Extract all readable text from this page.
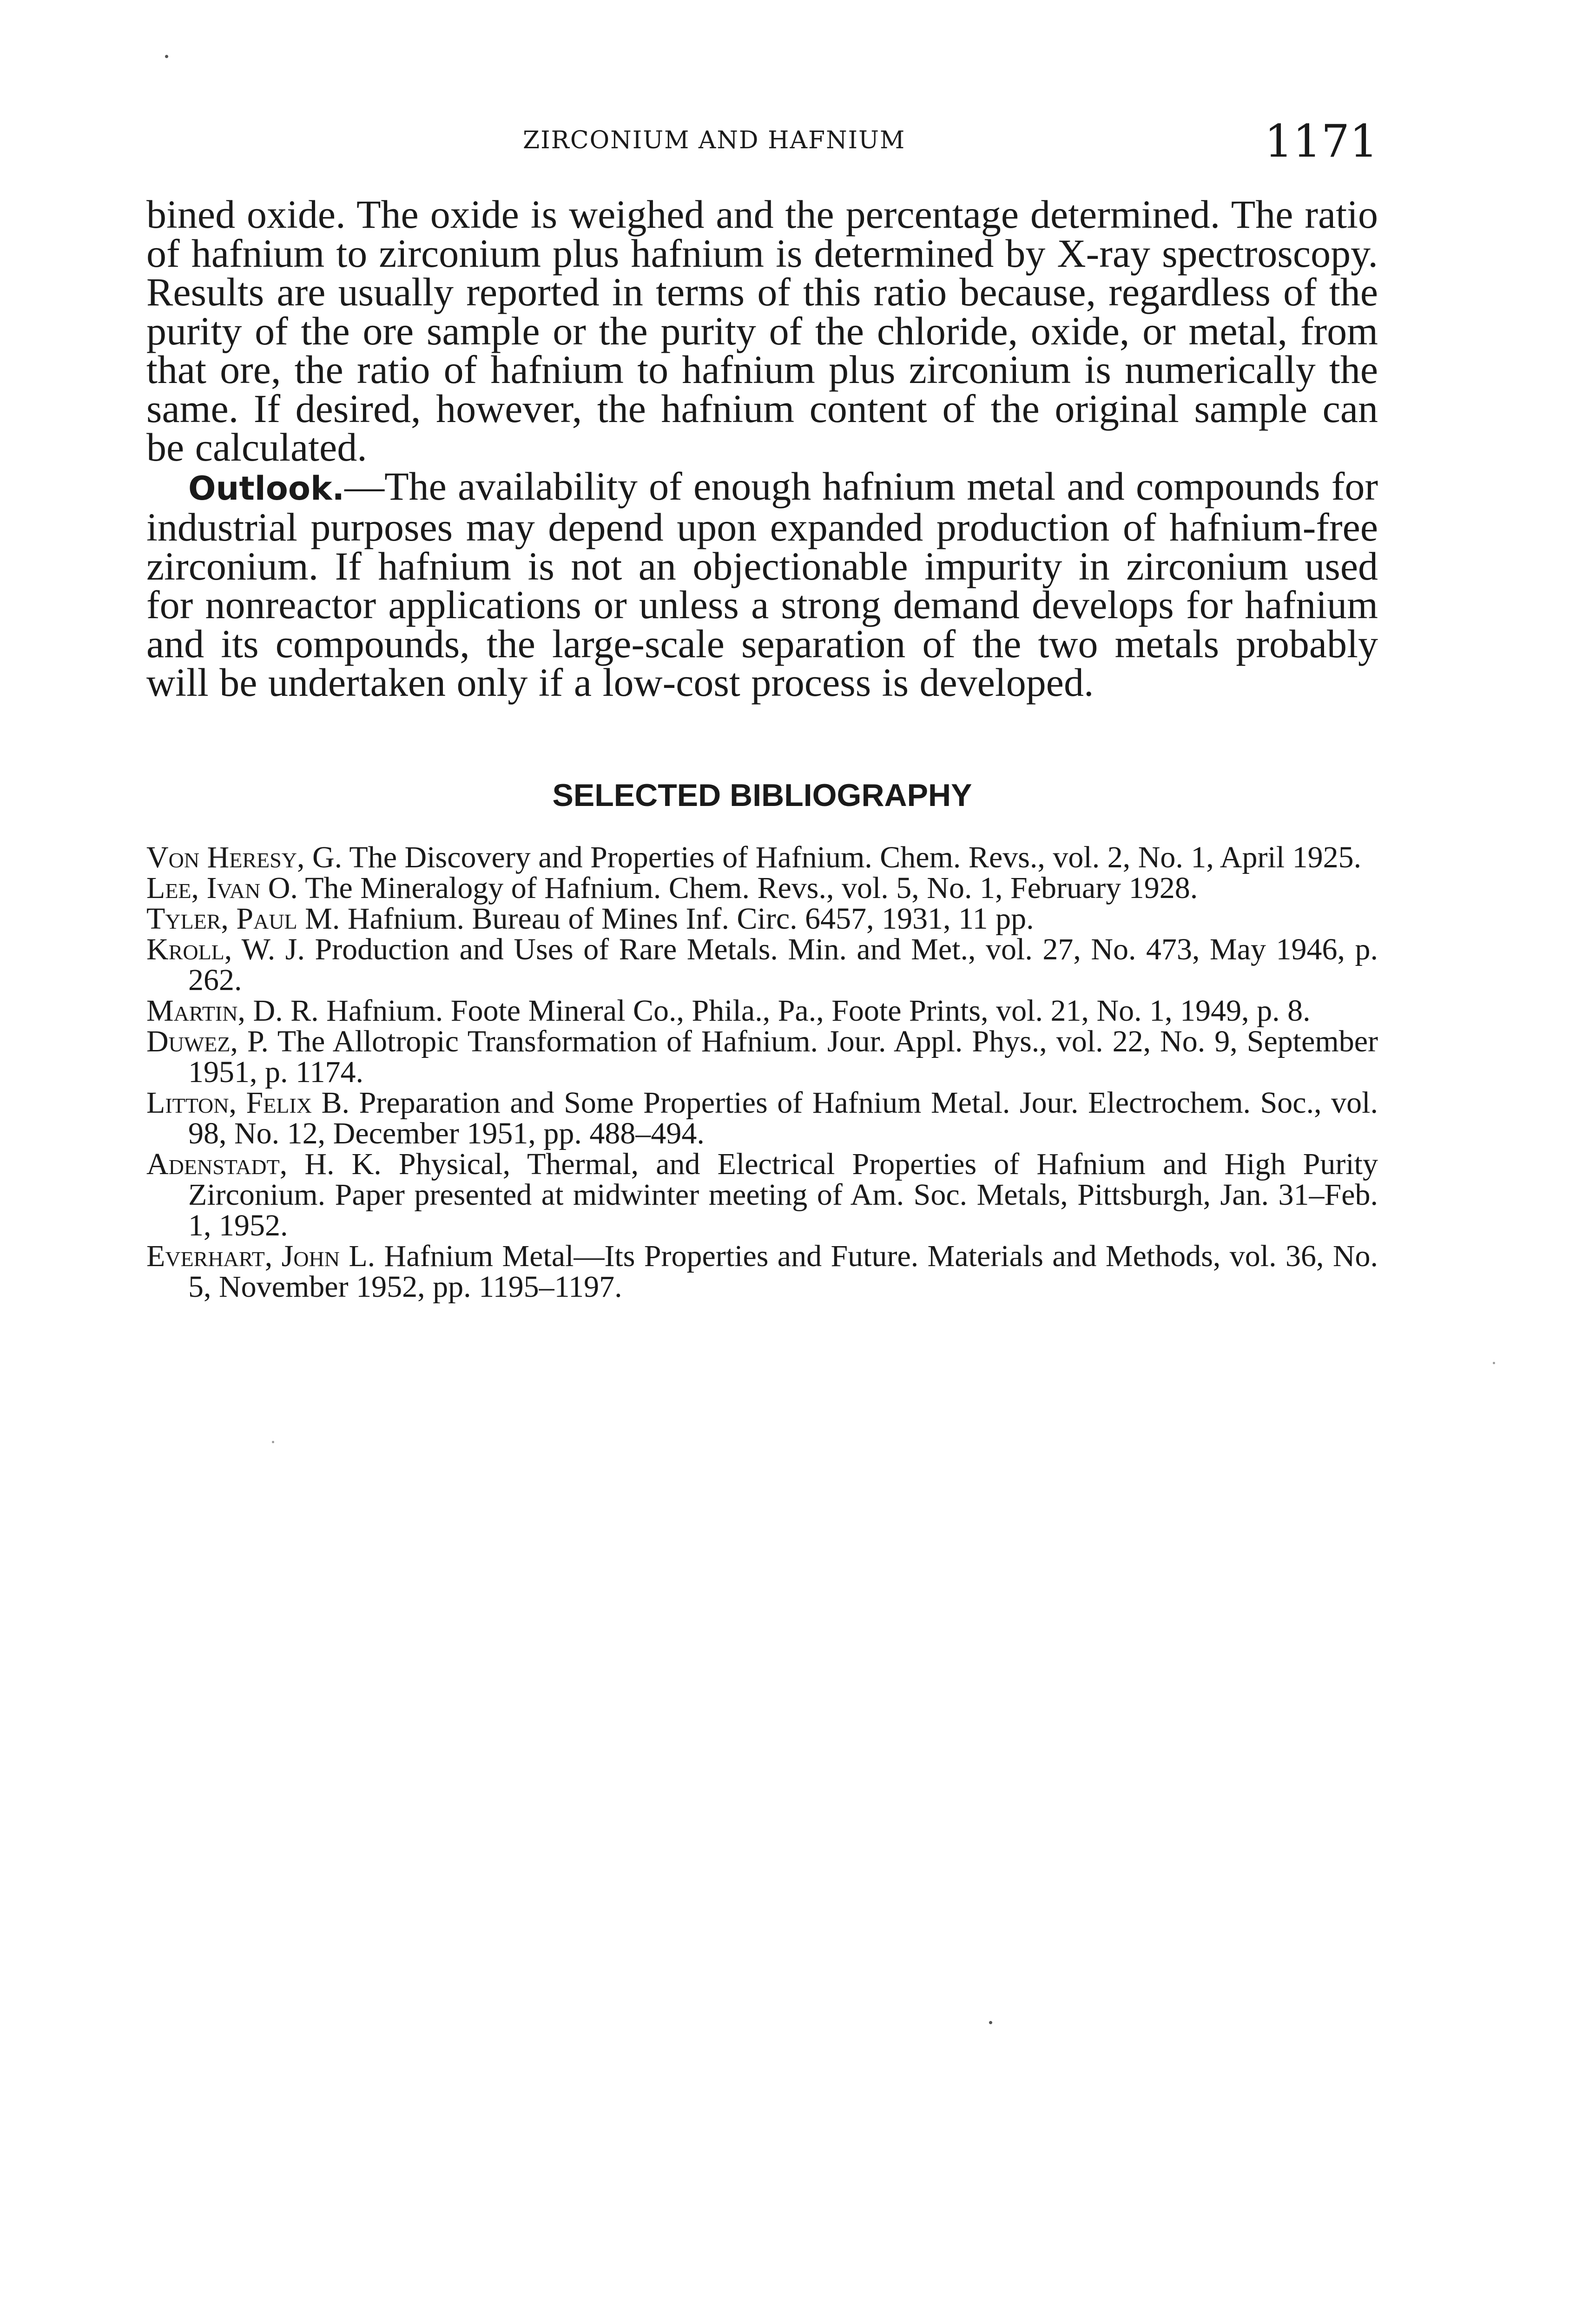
ZIRCONIUM AND HAFNIUM	1171

bined oxide. The oxide is weighed and the percentage determined. The ratio of hafnium to zirconium plus hafnium is determined by X-ray spectroscopy. Results are usually reported in terms of this ratio because, regardless of the purity of the ore sample or the purity of the chloride, oxide, or metal, from that ore, the ratio of hafnium to hafnium plus zirconium is numerically the same. If desired, however, the hafnium content of the original sample can be calculated.

Outlook.—The availability of enough hafnium metal and compounds for industrial purposes may depend upon expanded production of hafnium-free zirconium. If hafnium is not an objectionable impurity in zirconium used for nonreactor applications or unless a strong demand develops for hafnium and its compounds, the large-scale separation of the two metals probably will be undertaken only if a low-cost process is developed.

SELECTED BIBLIOGRAPHY
Von Heresy, G. The Discovery and Properties of Hafnium. Chem. Revs., vol. 2, No. 1, April 1925.
Lee, Ivan O. The Mineralogy of Hafnium. Chem. Revs., vol. 5, No. 1, February 1928.
Tyler, Paul M. Hafnium. Bureau of Mines Inf. Circ. 6457, 1931, 11 pp.
Kroll, W. J. Production and Uses of Rare Metals. Min. and Met., vol. 27, No. 473, May 1946, p. 262.
Martin, D. R. Hafnium. Foote Mineral Co., Phila., Pa., Foote Prints, vol. 21, No. 1, 1949, p. 8.
Duwez, P. The Allotropic Transformation of Hafnium. Jour. Appl. Phys., vol. 22, No. 9, September 1951, p. 1174.
Litton, Felix B. Preparation and Some Properties of Hafnium Metal. Jour. Electrochem. Soc., vol. 98, No. 12, December 1951, pp. 488–494.
Adenstadt, H. K. Physical, Thermal, and Electrical Properties of Hafnium and High Purity Zirconium. Paper presented at midwinter meeting of Am. Soc. Metals, Pittsburgh, Jan. 31–Feb. 1, 1952.
Everhart, John L. Hafnium Metal—Its Properties and Future. Materials and Methods, vol. 36, No. 5, November 1952, pp. 1195–1197.
